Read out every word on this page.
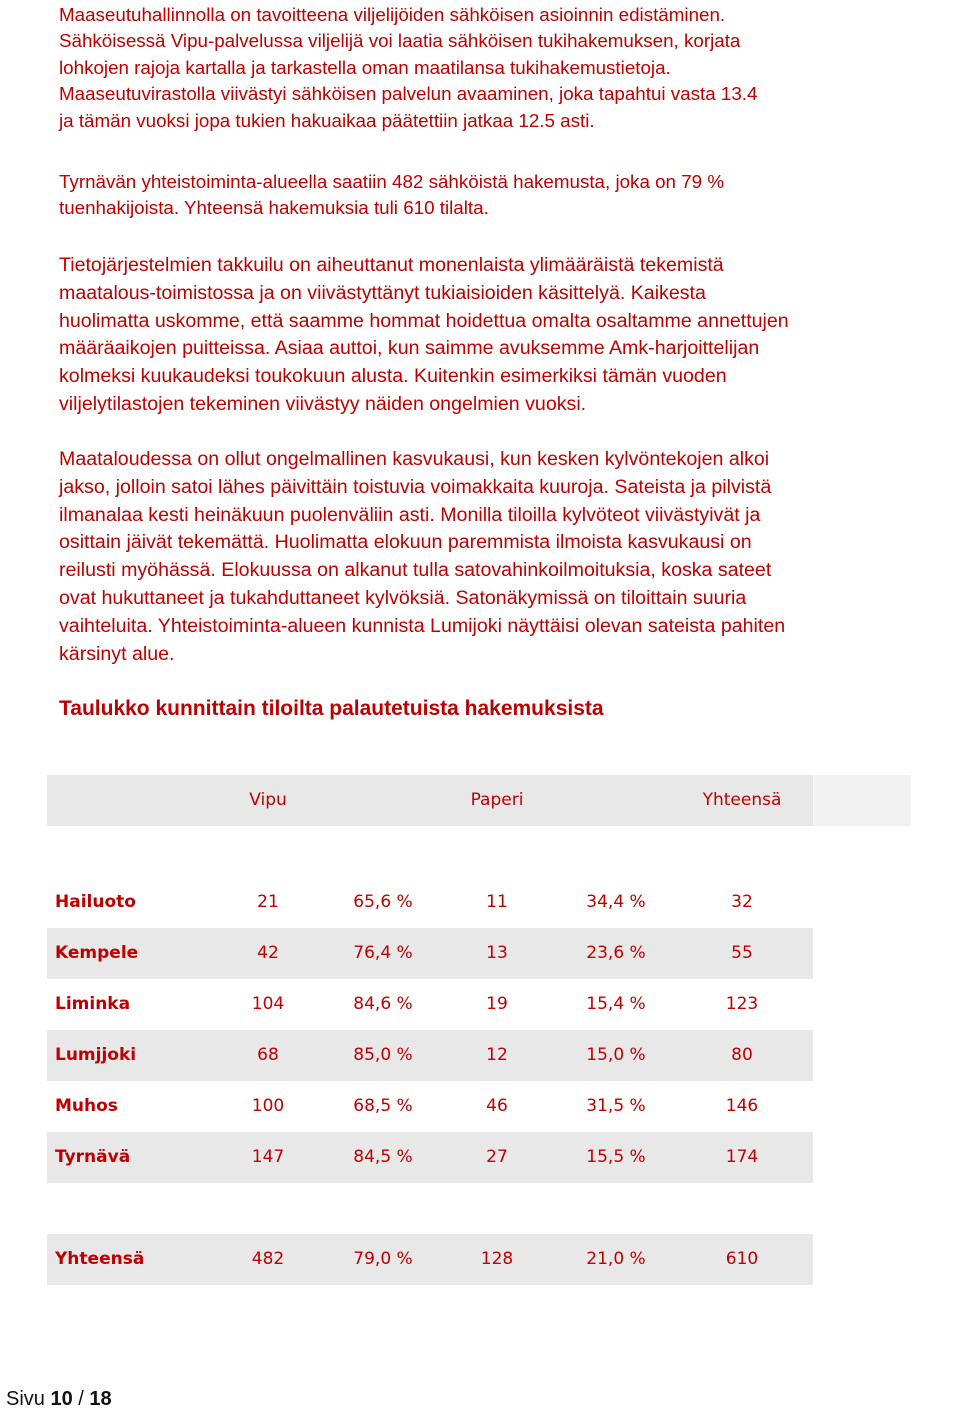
Maaseutuhallinnolla on tavoitteena viljelijöiden sähköisen asioinnin edistäminen.
Sähköisessä Vipu-palvelussa viljelijä voi laatia sähköisen tukihakemuksen, korjata
lohkojen rajoja kartalla ja tarkastella oman maatilansa tukihakemustietoja.
Maaseutuvirastolla viivästyi sähköisen palvelun avaaminen, joka tapahtui vasta 13.4
ja tämän vuoksi jopa tukien hakuaikaa päätettiin jatkaa 12.5 asti.

Tyrnävän yhteistoiminta-alueella saatiin 482 sähköistä hakemusta, joka on 79 %
tuenhakijoista. Yhteensä hakemuksia tuli 610 tilalta.

Tietojärjestelmien takkuilu on aiheuttanut monenlaista ylimääräistä tekemistä
maatalous-toimistossa ja on viivästyttänyt tukiaisioiden käsittelyä. Kaikesta
huolimatta uskomme, että saamme hommat hoidettua omalta osaltamme annettujen
määräaikojen puitteissa. Asiaa auttoi, kun saimme avuksemme Amk-harjoittelijan
kolmeksi kuukaudeksi toukokuun alusta. Kuitenkin esimerkiksi tämän vuoden
viljelytilastojen tekeminen viivästyy näiden ongelmien vuoksi.

Maataloudessa on ollut ongelmallinen kasvukausi, kun kesken kylvöntekojen alkoi
jakso, jolloin satoi lähes päivittäin toistuvia voimakkaita kuuroja. Sateista ja pilvistä
ilmanalaa kesti heinäkuun puolenväliin asti. Monilla tiloilla kylvöteot viivästyivät ja
osittain jäivät tekemättä. Huolimatta elokuun paremmista ilmoista kasvukausi on
reilusti myöhässä. Elokuussa on alkanut tulla satovahinkoilmoituksia, koska sateet
ovat hukuttaneet ja tukahduttaneet kylvöksiä. Satonäkymissä on tiloittain suuria
vaihteluita. Yhteistoiminta-alueen kunnista Lumijoki näyttäisi olevan sateista pahiten
kärsinyt alue.

Taulukko kunnittain tiloilta palautetuista hakemuksista
Vipu	Paperi	Yhteensä
Hailuoto	21	65,6 %	11	34,4 %	32
Kempele	42	76,4 %	13	23,6 %	55
Liminka	104	84,6 %	19	15,4 %	123
Lumjjoki	68	85,0 %	12	15,0 %	80
Muhos	100	68,5 %	46	31,5 %	146
Tyrnävä	147	84,5 %	27	15,5 %	174
Yhteensä	482	79,0 %	128	21,0 %	610
Sivu 10 / 18
